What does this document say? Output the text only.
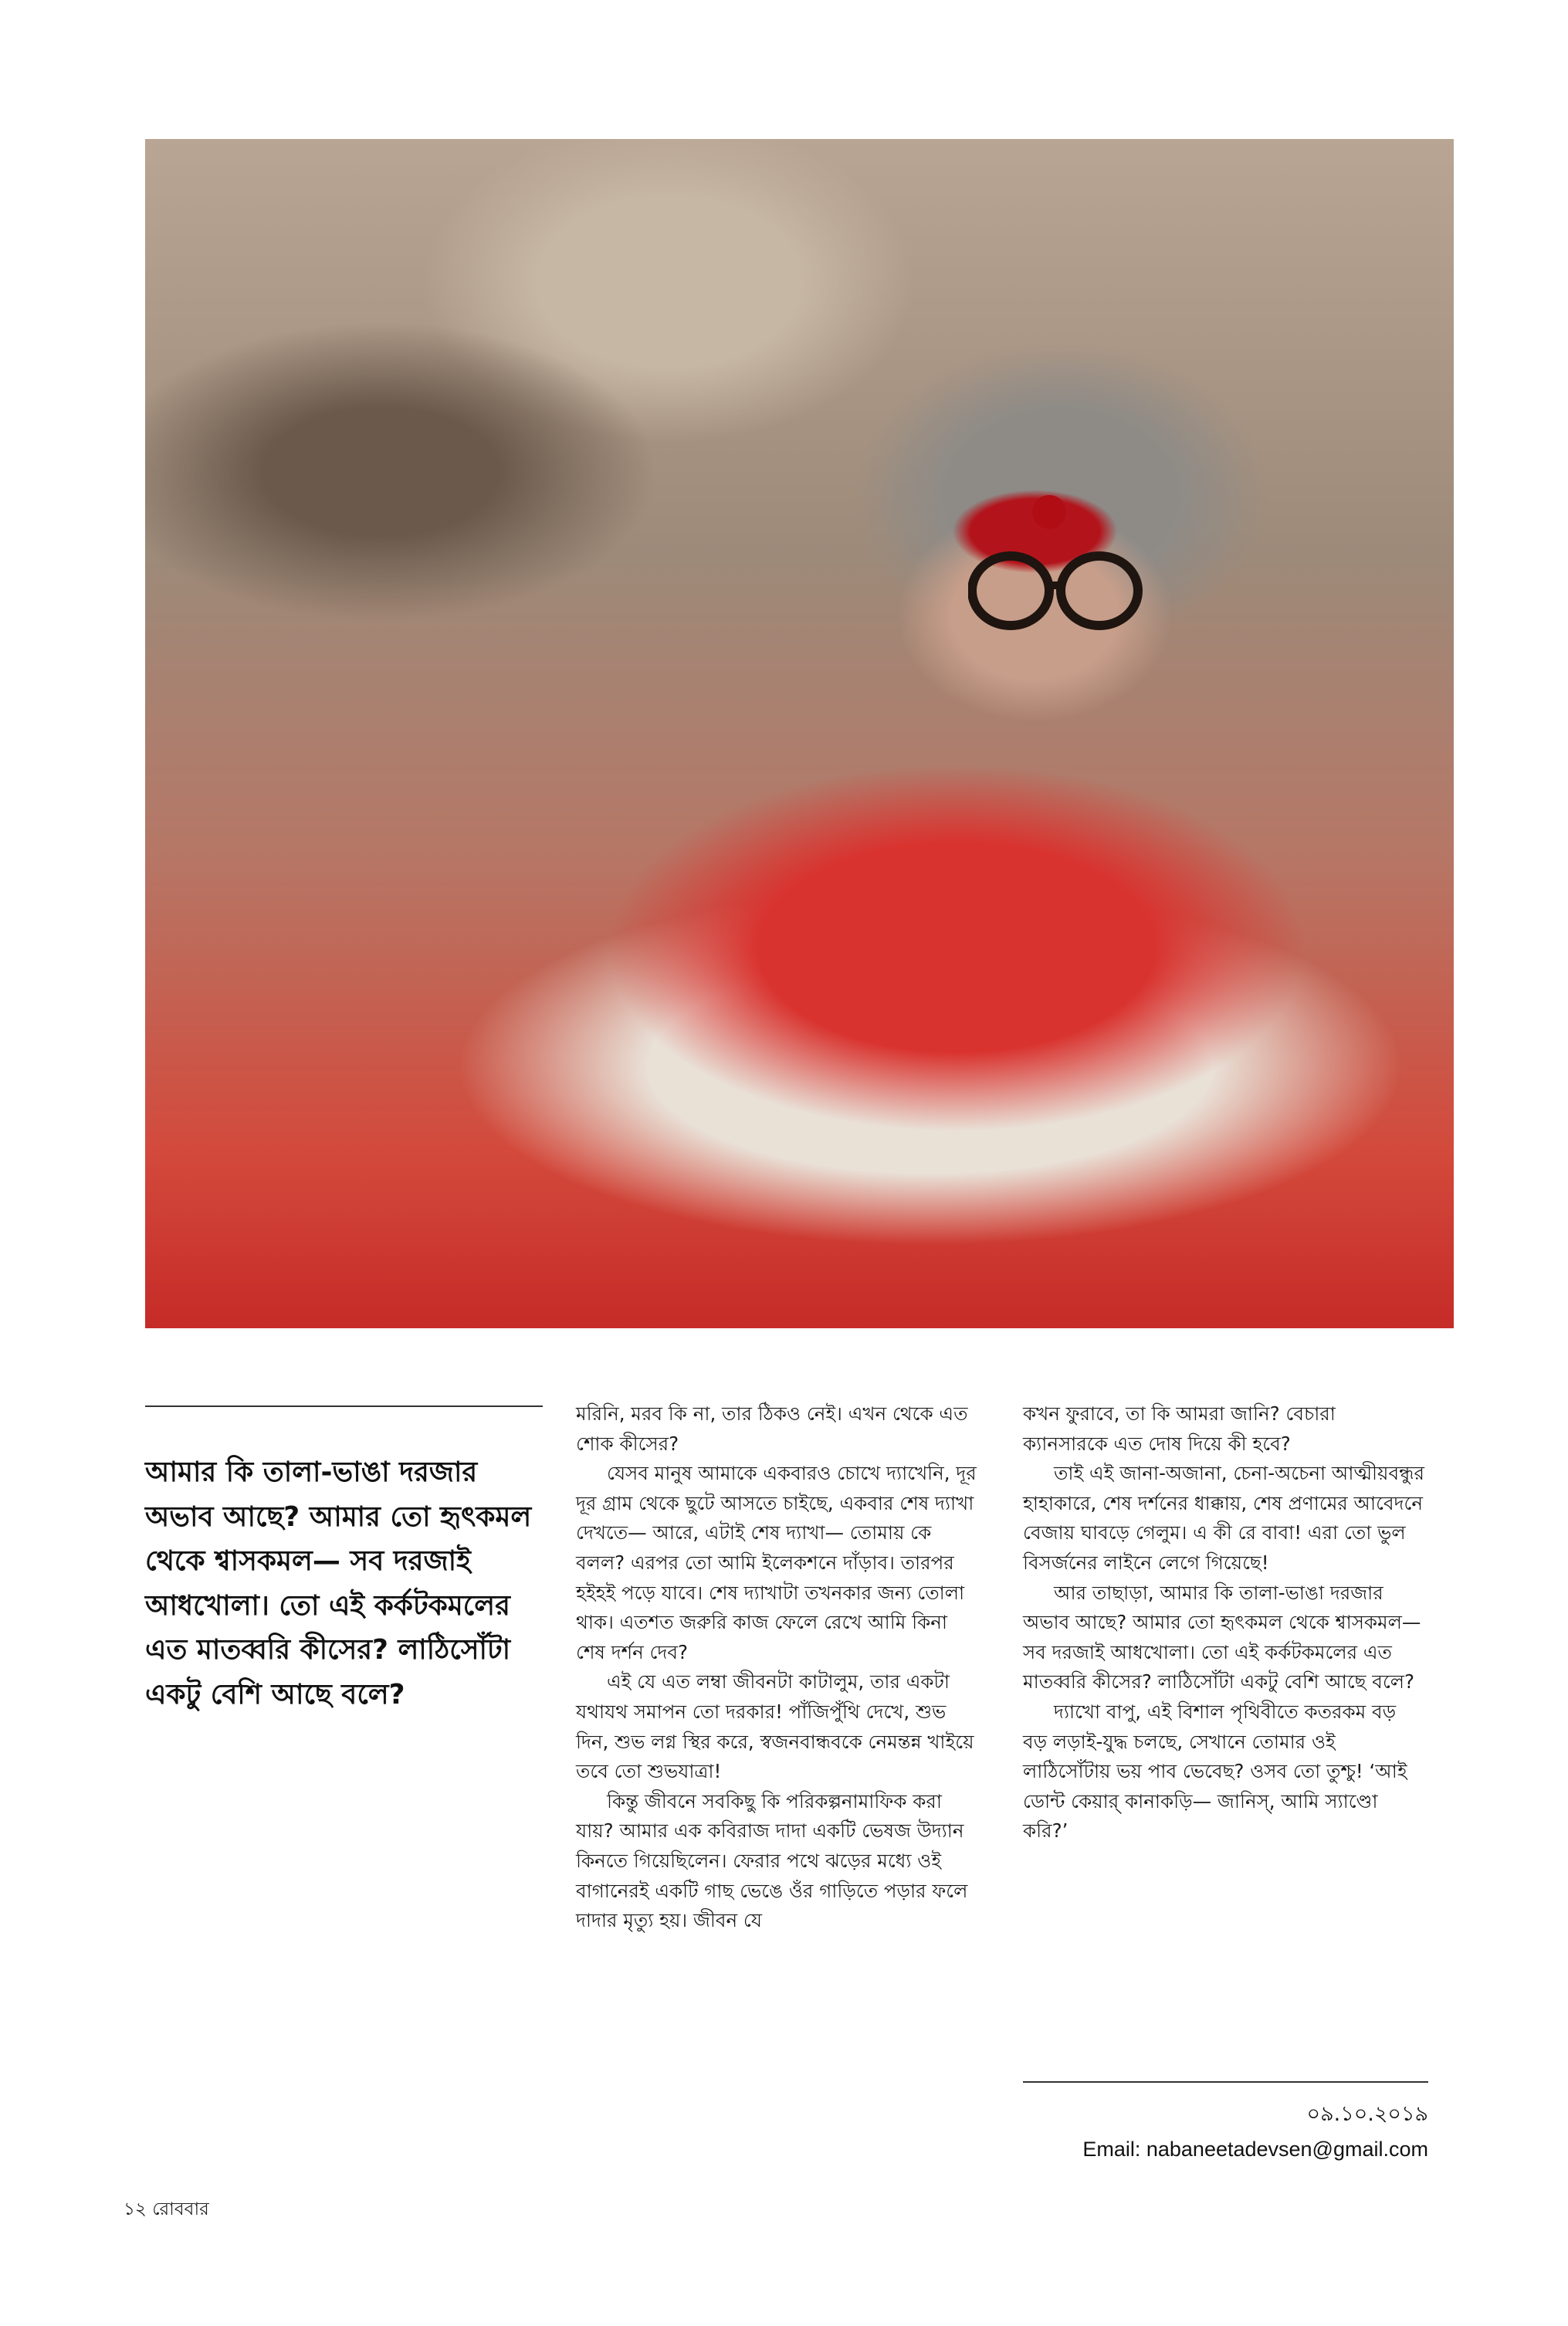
আমার কি তালা-ভাঙা দরজার অভাব আছে? আমার তো হৃৎকমল থেকে শ্বাসকমল— সব দরজাই আধখোলা। তো এই কর্কটকমলের এত মাতব্বরি কীসের? লাঠিসোঁটা একটু বেশি আছে বলে?

মরিনি, মরব কি না, তার ঠিকও নেই। এখন থেকে এত শোক কীসের?

যেসব মানুষ আমাকে একবারও চোখে দ্যাখেনি, দূর দূর গ্রাম থেকে ছুটে আসতে চাইছে, একবার শেষ দ্যাখা দেখতে— আরে, এটাই শেষ দ্যাখা— তোমায় কে বলল? এরপর তো আমি ইলেকশনে দাঁড়াব। তারপর হইহই পড়ে যাবে। শেষ দ্যাখাটা তখনকার জন্য তোলা থাক। এতশত জরুরি কাজ ফেলে রেখে আমি কিনা শেষ দর্শন দেব?

এই যে এত লম্বা জীবনটা কাটালুম, তার একটা যথাযথ সমাপন তো দরকার! পাঁজিপুঁথি দেখে, শুভ দিন, শুভ লগ্ন স্থির করে, স্বজনবান্ধবকে নেমন্তন্ন খাইয়ে তবে তো শুভযাত্রা!

কিন্তু জীবনে সবকিছু কি পরিকল্পনামাফিক করা যায়? আমার এক কবিরাজ দাদা একটি ভেষজ উদ্যান কিনতে গিয়েছিলেন। ফেরার পথে ঝড়ের মধ্যে ওই বাগানেরই একটি গাছ ভেঙে ওঁর গাড়িতে পড়ার ফলে দাদার মৃত্যু হয়। জীবন যে

কখন ফুরাবে, তা কি আমরা জানি? বেচারা ক্যানসারকে এত দোষ দিয়ে কী হবে?

তাই এই জানা-অজানা, চেনা-অচেনা আত্মীয়বন্ধুর হাহাকারে, শেষ দর্শনের ধাক্কায়, শেষ প্রণামের আবেদনে বেজায় ঘাবড়ে গেলুম। এ কী রে বাবা! এরা তো ভুল বিসর্জনের লাইনে লেগে গিয়েছে!

আর তাছাড়া, আমার কি তালা-ভাঙা দরজার অভাব আছে? আমার তো হৃৎকমল থেকে শ্বাসকমল— সব দরজাই আধখোলা। তো এই কর্কটকমলের এত মাতব্বরি কীসের? লাঠিসোঁটা একটু বেশি আছে বলে?

দ্যাখো বাপু, এই বিশাল পৃথিবীতে কতরকম বড় বড় লড়াই-যুদ্ধ চলছে, সেখানে তোমার ওই লাঠিসোঁটায় ভয় পাব ভেবেছ? ওসব তো তুশ্চু! ‘আই ডোন্ট কেয়ার্ কানাকড়ি— জানিস্, আমি স্যাণ্ডো করি?’

০৯.১০.২০১৯
Email: nabaneetadevsen@gmail.com
১২ রোববার
